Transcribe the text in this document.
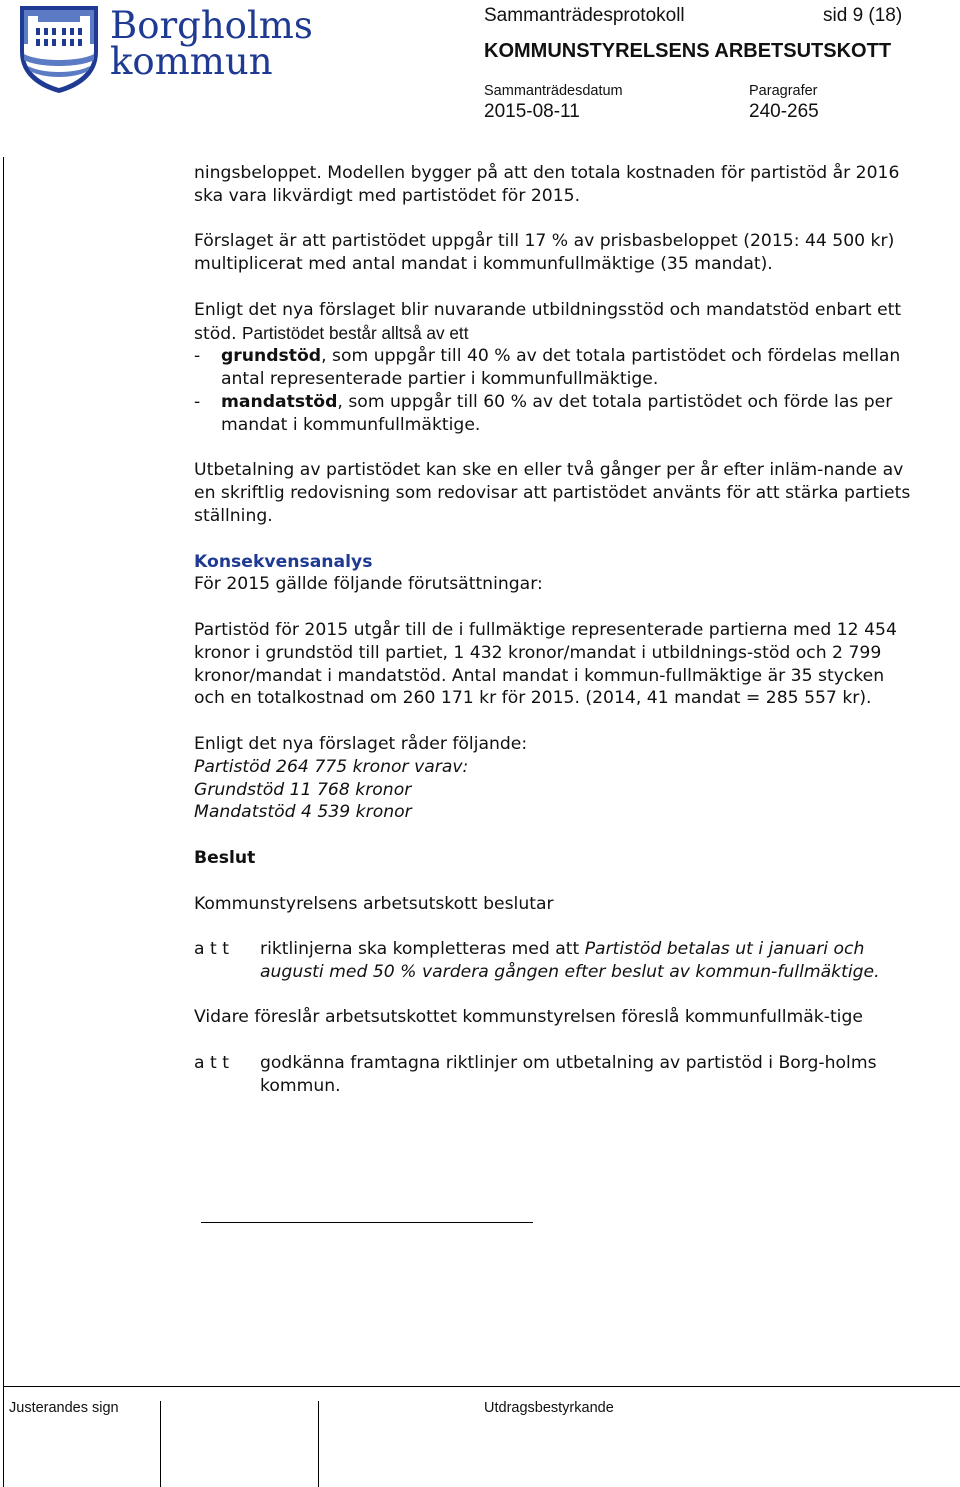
Borgholms
kommun
Sammanträdesprotokoll	sid 9 (18)
KOMMUNSTYRELSENS ARBETSUTSKOTT
Sammanträdesdatum
2015-08-11
Paragrafer
240-265

ningsbeloppet. Modellen bygger på att den totala kostnaden för partistöd år 2016 ska vara likvärdigt med partistödet för 2015.

Förslaget är att partistödet uppgår till 17 % av prisbasbeloppet (2015: 44 500 kr) multiplicerat med antal mandat i kommunfullmäktige (35 mandat).

Enligt det nya förslaget blir nuvarande utbildningsstöd och mandatstöd enbart ett stöd. Partistödet består alltså av ett

- grundstöd, som uppgår till 40 % av det totala partistödet och fördelas mellan antal representerade partier i kommunfullmäktige.
- mandatstöd, som uppgår till 60 % av det totala partistödet och förde las per mandat i kommunfullmäktige.

Utbetalning av partistödet kan ske en eller två gånger per år efter inläm-nande av en skriftlig redovisning som redovisar att partistödet använts för att stärka partiets ställning.

Konsekvensanalys

För 2015 gällde följande förutsättningar:

Partistöd för 2015 utgår till de i fullmäktige representerade partierna med 12 454 kronor i grundstöd till partiet, 1 432 kronor/mandat i utbildnings-stöd och 2 799 kronor/mandat i mandatstöd. Antal mandat i kommun-fullmäktige är 35 stycken och en totalkostnad om 260 171 kr för 2015. (2014, 41 mandat = 285 557 kr).

Enligt det nya förslaget råder följande:

Partistöd 264 775 kronor varav:

Grundstöd 11 768 kronor

Mandatstöd 4 539 kronor

Beslut

Kommunstyrelsens arbetsutskott beslutar

a t t riktlinjerna ska kompletteras med att Partistöd betalas ut i januari och augusti med 50 % vardera gången efter beslut av kommun-fullmäktige.

Vidare föreslår arbetsutskottet kommunstyrelsen föreslå kommunfullmäk-tige

a t t godkänna framtagna riktlinjer om utbetalning av partistöd i Borg-holms kommun.
Justerandes sign	Utdragsbestyrkande
